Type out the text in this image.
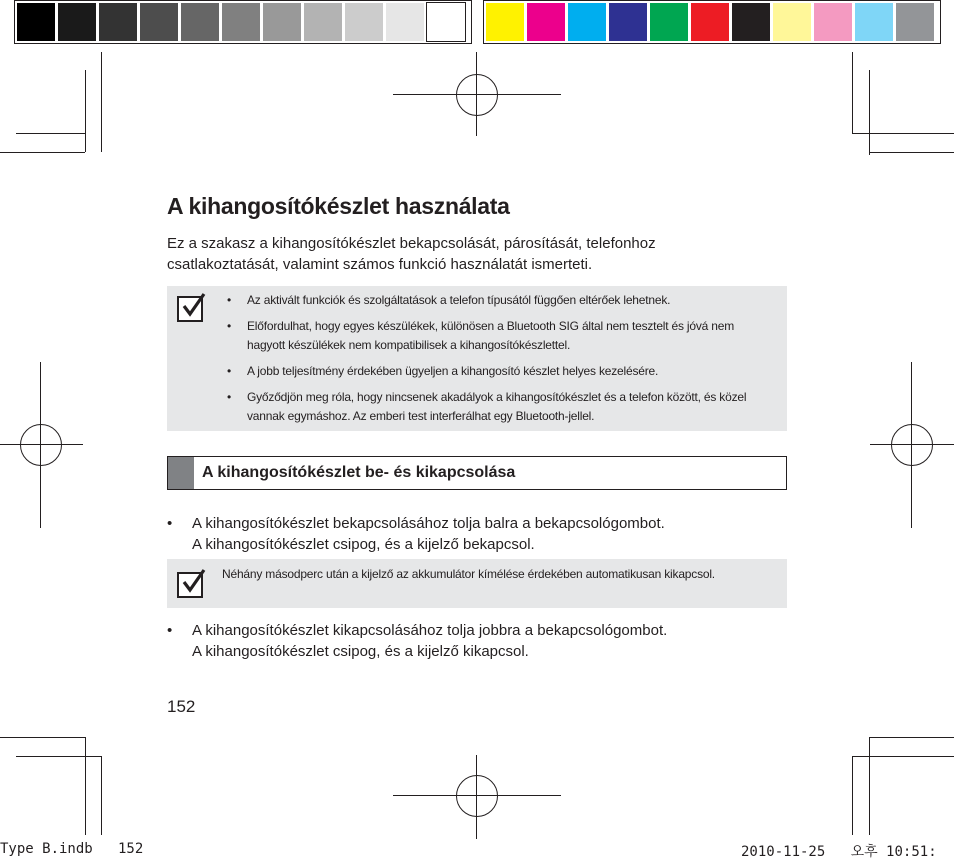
A kihangosítókészlet használata
Ez a szakasz a kihangosítókészlet bekapcsolását, párosítását, telefonhoz csatlakoztatását, valamint számos funkció használatát ismerteti.
• Az aktivált funkciók és szolgáltatások a telefon típusától függően eltérőek lehetnek.
• Előfordulhat, hogy egyes készülékek, különösen a Bluetooth SIG által nem tesztelt és jóvá nem hagyott készülékek nem kompatibilisek a kihangosítókészlettel.
• A jobb teljesítmény érdekében ügyeljen a kihangosító készlet helyes kezelésére.
• Győződjön meg róla, hogy nincsenek akadályok a kihangosítókészlet és a telefon között, és közel vannak egymáshoz. Az emberi test interferálhat egy Bluetooth-jellel.
A kihangosítókészlet be- és kikapcsolása
• A kihangosítókészlet bekapcsolásához tolja balra a bekapcsológombot.
A kihangosítókészlet csipog, és a kijelző bekapcsol.
Néhány másodperc után a kijelző az akkumulátor kímélése érdekében automatikusan kikapcsol.
• A kihangosítókészlet kikapcsolásához tolja jobbra a bekapcsológombot.
A kihangosítókészlet csipog, és a kijelző kikapcsol.
152
Type B.indb   152	2010-11-25   오후 10:51:
